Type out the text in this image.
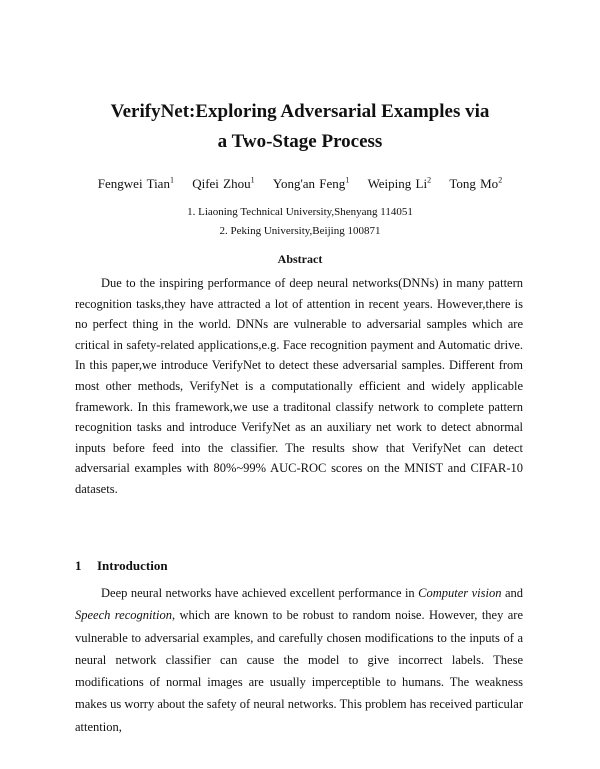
VerifyNet:Exploring Adversarial Examples via
a Two-Stage Process
Fengwei Tian$^1$ Qifei Zhou$^1$ Yong'an Feng$^1$ Weiping Li$^2$ Tong Mo$^2$
1. Liaoning Technical University,Shenyang 114051
2. Peking University,Beijing 100871
Abstract

Due to the inspiring performance of deep neural networks(DNNs) in many pattern recognition tasks,they have attracted a lot of attention in recent years. However,there is no perfect thing in the world. DNNs are vulnerable to adversarial samples which are critical in safety-related applications,e.g. Face recognition payment and Automatic drive. In this paper,we introduce VerifyNet to detect these adversarial samples. Different from most other methods, VerifyNet is a computationally efficient and widely applicable framework. In this framework,we use a traditonal classify network to complete pattern recognition tasks and introduce VerifyNet as an auxiliary net work to detect abnormal inputs before feed into the classifier. The results show that VerifyNet can detect adversarial examples with 80%~99% AUC-ROC scores on the MNIST and CIFAR-10 datasets.

1 Introduction

Deep neural networks have achieved excellent performance in Computer vision and Speech recognition, which are known to be robust to random noise. However, they are vulnerable to adversarial examples, and carefully chosen modifications to the inputs of a neural network classifier can cause the model to give incorrect labels. These modifications of normal images are usually imperceptible to humans. The weakness makes us worry about the safety of neural networks. This problem has received particular attention,
